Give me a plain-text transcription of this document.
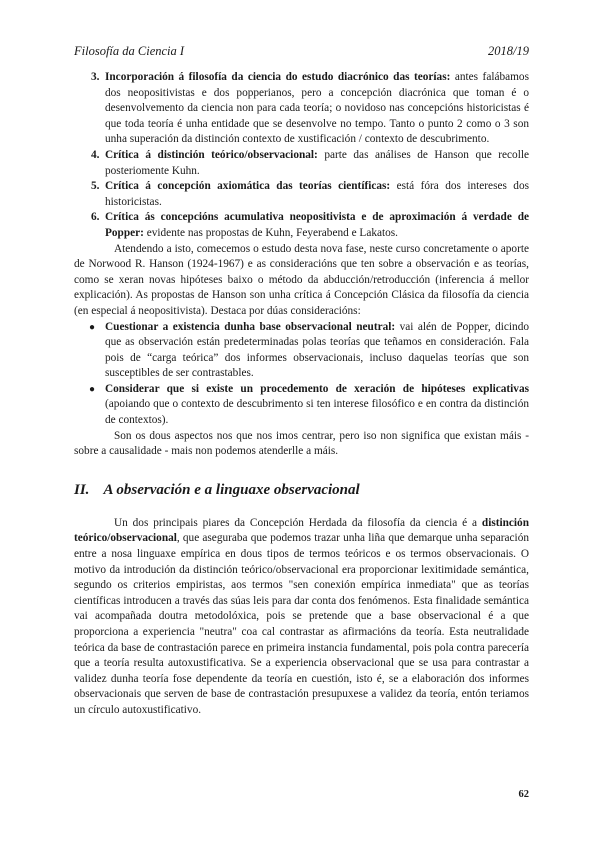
Filosofía da Ciencia I	2018/19
3. Incorporación á filosofía da ciencia do estudo diacrónico das teorías: antes falábamos dos neopositivistas e dos popperianos, pero a concepción diacrónica que toman é o desenvolvemento da ciencia non para cada teoría; o novidoso nas concepcións historicistas é que toda teoría é unha entidade que se desenvolve no tempo. Tanto o punto 2 como o 3 son unha superación da distinción contexto de xustificación / contexto de descubrimento.
4. Crítica á distinción teórico/observacional: parte das análises de Hanson que recolle posteriomente Kuhn.
5. Crítica á concepción axiomática das teorías científicas: está fóra dos intereses dos historicistas.
6. Crítica ás concepcións acumulativa neopositivista e de aproximación á verdade de Popper: evidente nas propostas de Kuhn, Feyerabend e Lakatos.

Atendendo a isto, comecemos o estudo desta nova fase, neste curso concretamente o aporte de Norwood R. Hanson (1924-1967) e as consideracións que ten sobre a observación e as teorías, como se xeran novas hipóteses baixo o método da abducción/retroducción (inferencia á mellor explicación). As propostas de Hanson son unha crítica á Concepción Clásica da filosofía da ciencia (en especial á neopositivista). Destaca por dúas consideracións:

● Cuestionar a existencia dunha base observacional neutral: vai alén de Popper, dicindo que as observación están predeterminadas polas teorías que teñamos en consideración. Fala pois de “carga teórica” dos informes observacionais, incluso daquelas teorías que son susceptibles de ser contrastables.
● Considerar que si existe un procedemento de xeración de hipóteses explicativas (apoiando que o contexto de descubrimento si ten interese filosófico e en contra da distinción de contextos).

Son os dous aspectos nos que nos imos centrar, pero iso non significa que existan máis -sobre a causalidade - mais non podemos atenderlle a máis.

II. A observación e a linguaxe observacional

Un dos principais piares da Concepción Herdada da filosofía da ciencia é a distinción teórico/observacional, que aseguraba que podemos trazar unha liña que demarque unha separación entre a nosa linguaxe empírica en dous tipos de termos teóricos e os termos observacionais. O motivo da introdución da distinción teórico/observacional era proporcionar lexitimidade semántica, segundo os criterios empiristas, aos termos "sen conexión empírica inmediata" que as teorías científicas introducen a través das súas leis para dar conta dos fenómenos. Esta finalidade semántica vai acompañada doutra metodolóxica, pois se pretende que a base observacional é a que proporciona a experiencia "neutra" coa cal contrastar as afirmacións da teoría. Esta neutralidade teórica da base de contrastación parece en primeira instancia fundamental, pois pola contra parecería que a teoría resulta autoxustificativa. Se a experiencia observacional que se usa para contrastar a validez dunha teoría fose dependente da teoría en cuestión, isto é, se a elaboración dos informes observacionais que serven de base de contrastación presupuxese a validez da teoría, entón teriamos un círculo autoxustificativo.

62
